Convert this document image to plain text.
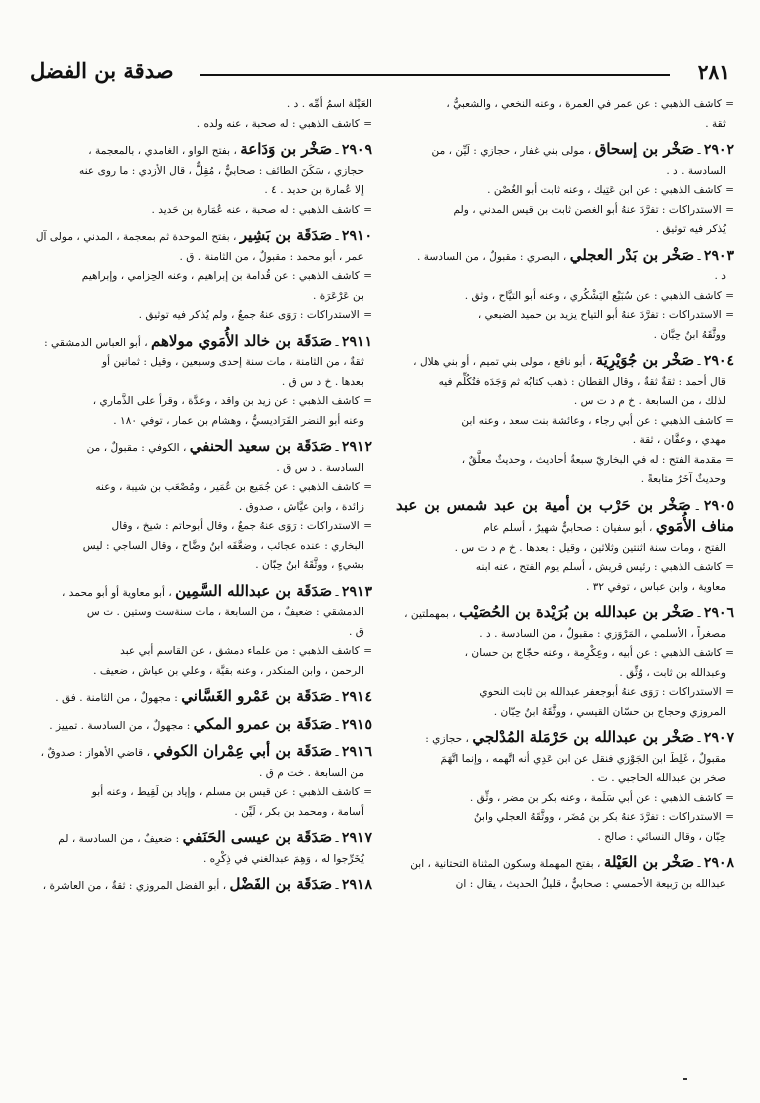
٢٨١
صدقة بن الفضل
= كاشف الذهبي : عن عمر في العمرة ، وعنه النخعي ، والشعبيُّ ،
ثقة .
٢٩٠٢ ـ صَخْر بن إسحاق ، مولى بني غفار ، حجازي : لَيِّن ، من
السادسة . د .
= كاشف الذهبي : عن ابن عَتِيك ، وعنه ثابت أبو الغُصْن .
= الاستدراكات : تفرَّدَ عنهُ أبو الغصن ثابت بن قيس المدني ، ولم
يُذكر فيه توثيق .
٢٩٠٣ ـ صَخْر بن بَدْر العجلي ، البصري : مقبولٌ ، من السادسة .
د .
= كاشف الذهبي : عن سُبَيْع اليَشْكُري ، وعنه أبو التيَّاح ، وثق .
= الاستدراكات : تفرَّدَ عنهُ أبو التياح يزيد بن حميد الضبعي ،
ووثَّقَهُ ابنُ حِبَّان .
٢٩٠٤ ـ صَخْر بن جُوَيْرِيَة ، أبو نافع ، مولى بني تميم ، أو بني هلال ،
قال أحمد : ثقةٌ ثقةٌ ، وقال القطان : ذهب كتابُه ثم وَجَدَه فتُكُلِّم فيه
لذلك ، من السابعة . خ م د ت س .
= كاشف الذهبي : عن أبي رجاء ، وعائشة بنت سعد ، وعنه ابن
مهدي ، وعفَّان ، ثقة .
= مقدمة الفتح : له في البخاريّ سبعةُ أحاديث ، وحديثٌ معلَّقٌ ،
وحديثٌ آخَرُ متابعةً .
٢٩٠٥ ـ صَخْر بن حَرْب بن أمية بن عبد شمس بن عبد مناف الأُمَوي ، أبو سفيان : صحابيٌّ شهيرٌ ، أسلم عام
الفتح ، ومات سنة اثنتين وثلاثين ، وقيل : بعدها . خ م د ت س .
= كاشف الذهبي : رئيس قريش ، أسلم يوم الفتح ، عنه ابنه
معاوية ، وابن عباس ، توفي ٣٢ .
٢٩٠٦ ـ صَخْر بن عبدالله بن بُرَيْدة بن الحُصَيْب ، بمهملتين ،
مصغراً ، الأسلمي ، المَرْوَزي : مقبولٌ ، من السادسة . د .
= كاشف الذهبي : عن أبيه ، وعِكْرِمة ، وعنه حجّاج بن حسان ،
وعبدالله بن ثابت ، وُثِّق .
= الاستدراكات : رَوَى عنهُ أبوجعفر عبدالله بن ثابت النحوي
المروزي وحجاج بن حسّان القيسي ، ووثَّقَهُ ابنُ حِبّان .
٢٩٠٧ ـ صَخْر بن عبدالله بن حَرْمَلة المُدْلجي ، حجازي :
مقبولٌ ، غَلِطَ ابن الجَوْزي فنقل عن ابن عَدِي أنه اتَّهمه ، وإنما اتَّهَمَ
صخر بن عبدالله الحاجبي . ت .
= كاشف الذهبي : عن أبي سَلَمة ، وعنه بكر بن مضر ، وثِّق .
= الاستدراكات : تفرَّدَ عنهُ بكر بن مُضَر ، ووثَّقَهُ العجلي وابنُ
حِبّان ، وقال النسائي : صالح .
٢٩٠٨ ـ صَخْر بن العَيْلة ، بفتح المهملة وسكون المثناة التحتانية ، ابن
عبدالله بن رَبيعة الأحمسي : صحابيٌّ ، قليلُ الحديث ، يقال : ان
العَيْلة اسمُ أمِّه . د .
= كاشف الذهبي : له صحبة ، عنه ولده .
٢٩٠٩ ـ صَخْر بن وَدَاعة ، بفتح الواو ، الغامدي ، بالمعجمة ،
حجازي ، سَكَنَ الطائف : صحابيٌّ ، مُقِلٌّ ، قال الأزدي : ما روى عنه
إلا عُمارة بن حديد . ٤ .
= كاشف الذهبي : له صحبة ، عنه عُمَارة بن حَديد .
٢٩١٠ ـ صَدَقَة بن بَشِير ، بفتح الموحدة ثم بمعجمة ، المدني ، مولى آل
عمر ، أبو محمد : مقبولٌ ، من الثامنة . ق .
= كاشف الذهبي : عن قُدامة بن إبراهيم ، وعنه الحِزامي ، وإبراهيم
بن عَرْعَرَة .
= الاستدراكات : رَوَى عنهُ جمعٌ ، ولم يُذكر فيه توثيق .
٢٩١١ ـ صَدَقَة بن خالد الأُمَوي مولاهم ، أبو العباس الدمشقي :
ثقةٌ ، من الثامنة ، مات سنة إحدى وسبعين ، وقيل : ثمانين أو
بعدها . خ د س ق .
= كاشف الذهبي : عن زيد بن واقد ، وعدَّة ، وقرأ على الذَّماري ،
وعنه أبو النضر الفَرَاديسيُّ ، وهشام بن عمار ، توفي ١٨٠ .
٢٩١٢ ـ صَدَقَة بن سعيد الحنفي ، الكوفي : مقبولٌ ، من
السادسة . د س ق .
= كاشف الذهبي : عن جُمَيع بن عُمَير ، ومُصْعَب بن شيبة ، وعنه
زائدة ، وابن عيَّاش ، صدوق .
= الاستدراكات : رَوَى عنهُ جمعٌ ، وقال أبوحاتم : شيخ ، وقال
البخاري : عنده عجائب ، وضعَّفَه ابنُ وضَّاح ، وقال الساجي : ليس
بشيءٍ ، ووثَّقَهُ ابنُ حِبّان .
٢٩١٣ ـ صَدَقَة بن عبدالله السَّمِين ، أبو معاوية أو أبو محمد ،
الدمشقي : ضعيفٌ ، من السابعة ، مات سنةست وستين . ت س
ق .
= كاشف الذهبي : من علماء دمشق ، عن القاسم أبي عبد
الرحمن ، وابن المنكدر ، وعنه بقيَّة ، وعلي بن عياش ، ضعيف .
٢٩١٤ ـ صَدَقَة بن عَمْرو الغَسَّاني : مجهولٌ ، من الثامنة . فق .
٢٩١٥ ـ صَدَقَة بن عمرو المكي : مجهولٌ ، من السادسة . تمييز .
٢٩١٦ ـ صَدَقَة بن أبي عِمْران الكوفي ، قاضي الأهواز : صدوقٌ ،
من السابعة . خت م ق .
= كاشف الذهبي : عن قيس بن مسلم ، وإياد بن لَقِيط ، وعنه أبو
أسامة ، ومحمد بن بكر ، لَيِّن .
٢٩١٧ ـ صَدَقَة بن عيسى الحَنَفي : ضعيفٌ ، من السادسة ، لم
يُخَرِّجوا له ، وَهِمَ عبدالغني في ذِكْرِه .
٢٩١٨ ـ صَدَقَة بن الفَضْل ، أبو الفضل المروزي : ثقةٌ ، من العاشرة ،
